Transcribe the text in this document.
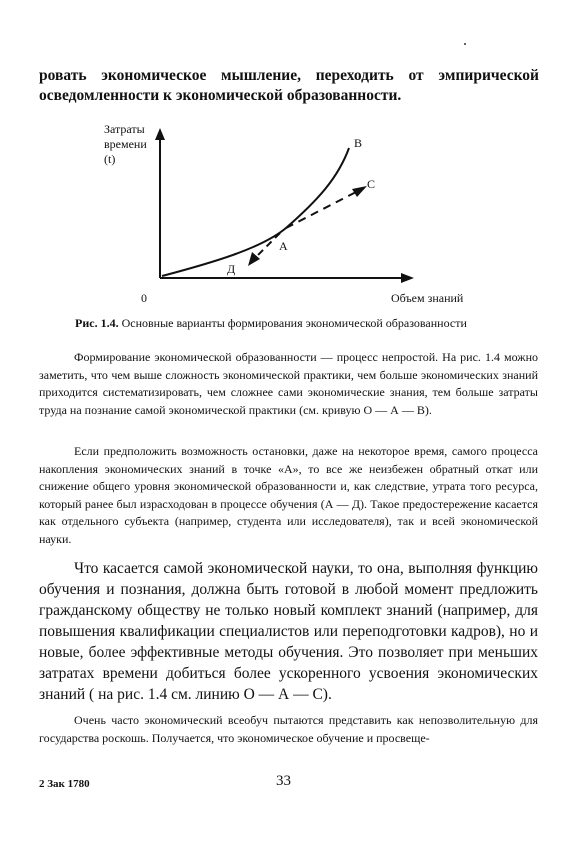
ровать экономическое мышление, переходить от эмпирической осведомленности к экономической образованности.
Затраты
времени
(t)
Объем знаний
0
В
С
А
Д
Рис. 1.4. Основные варианты формирования экономической образованности
Формирование экономической образованности — процесс непростой. На рис. 1.4 можно заметить, что чем выше сложность экономической практики, чем больше экономических знаний приходится систематизировать, чем сложнее сами экономические знания, тем больше затраты труда на познание самой экономической практики (см. кривую О — А — В).
Если предположить возможность остановки, даже на некоторое время, самого процесса накопления экономических знаний в точке «А», то все же неизбежен обратный откат или снижение общего уровня экономической образованности и, как следствие, утрата того ресурса, который ранее был израсходован в процессе обучения (А — Д). Такое предостережение касается как отдельного субъекта (например, студента или исследователя), так и всей экономической науки.
Что касается самой экономической науки, то она, выполняя функцию обучения и познания, должна быть готовой в любой момент предложить гражданскому обществу не только новый комплект знаний (например, для повышения квалификации специалистов или переподготовки кадров), но и новые, более эффективные методы обучения. Это позволяет при меньших затратах времени добиться более ускоренного усвоения экономических знаний ( на рис. 1.4 см. линию О — А — С).
Очень часто экономический всеобуч пытаются представить как непозволительную для государства роскошь. Получается, что экономическое обучение и просвеще-
2 Зак 1780	33
